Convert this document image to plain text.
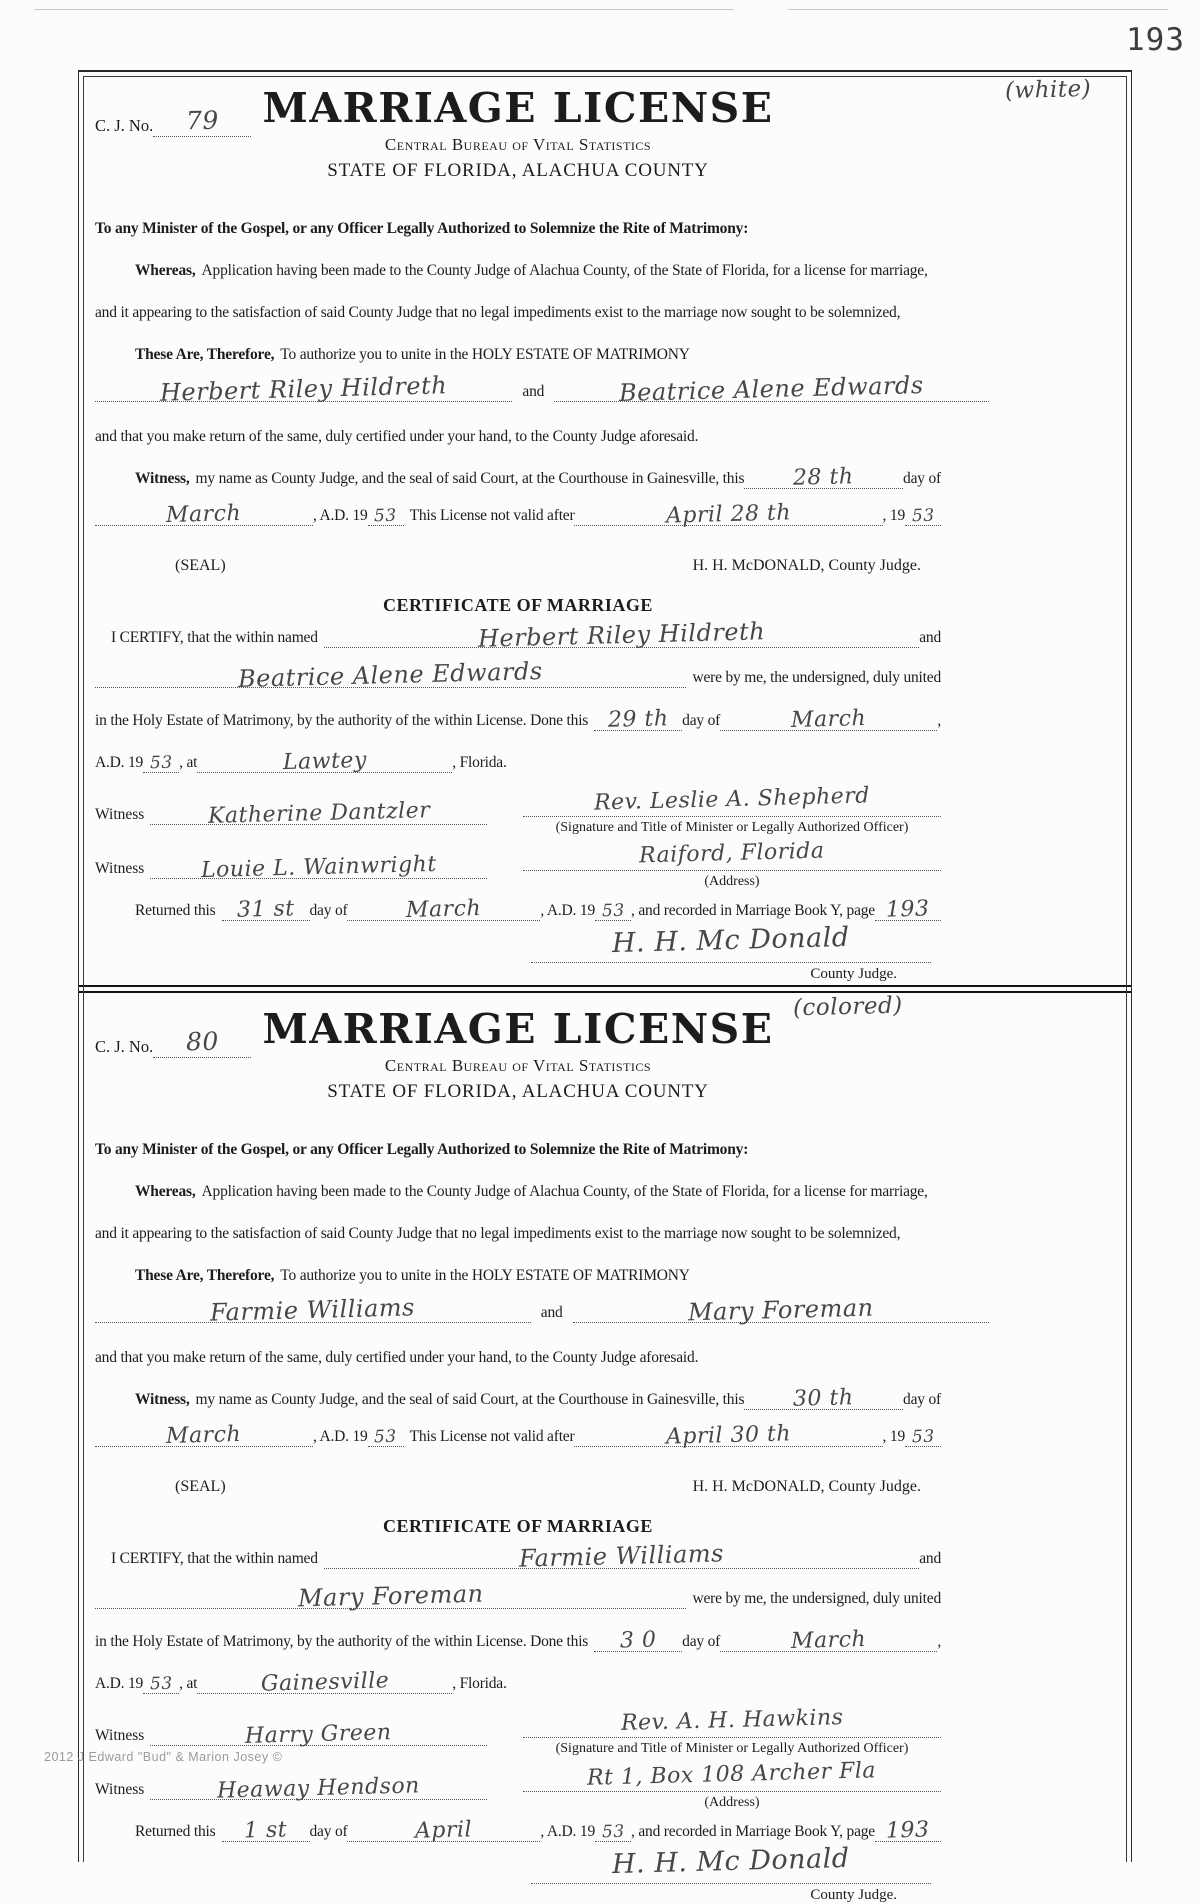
193
(white)
C. J. No.	79	MARRIAGE LICENSE
Central Bureau of Vital Statistics
STATE OF FLORIDA, ALACHUA COUNTY
To any Minister of the Gospel, or any Officer Legally Authorized to Solemnize the Rite of Matrimony:
Whereas, Application having been made to the County Judge of Alachua County, of the State of Florida, for a license for marriage,
and it appearing to the satisfaction of said County Judge that no legal impediments exist to the marriage now sought to be solemnized,
These Are, Therefore, To authorize you to unite in the HOLY ESTATE OF MATRIMONY
Herbert Riley Hildreth	and	Beatrice Alene Edwards
and that you make return of the same, duly certified under your hand, to the County Judge aforesaid.
Witness, my name as County Judge, and the seal of said Court, at the Courthouse in Gainesville, this	28 th	day of
March	, A.D. 19 53 This License not valid after	April 28 th	, 19 53
(SEAL)	H. H. McDONALD, County Judge.
CERTIFICATE OF MARRIAGE
I CERTIFY, that the within named	Herbert Riley Hildreth	and
Beatrice Alene Edwards	were by me, the undersigned, duly united
in the Holy Estate of Matrimony, by the authority of the within License. Done this 29 th day of	March	,
A.D. 19 53 , at	Lawtey	, Florida.
Witness	Katherine Dantzler	Rev. Leslie A. Shepherd
(Signature and Title of Minister or Legally Authorized Officer)
Witness	Louie L. Wainwright	Raiford, Florida
(Address)
Returned this 31 st day of	March	, A.D. 19 53 , and recorded in Marriage Book Y, page 193
H. H. Mc Donald
County Judge.
(colored)
C. J. No.	80	MARRIAGE LICENSE
Central Bureau of Vital Statistics
STATE OF FLORIDA, ALACHUA COUNTY
To any Minister of the Gospel, or any Officer Legally Authorized to Solemnize the Rite of Matrimony:
Whereas, Application having been made to the County Judge of Alachua County, of the State of Florida, for a license for marriage,
and it appearing to the satisfaction of said County Judge that no legal impediments exist to the marriage now sought to be solemnized,
These Are, Therefore, To authorize you to unite in the HOLY ESTATE OF MATRIMONY
Farmie Williams	and	Mary Foreman
and that you make return of the same, duly certified under your hand, to the County Judge aforesaid.
Witness, my name as County Judge, and the seal of said Court, at the Courthouse in Gainesville, this	30 th	day of
March	, A.D. 19 53 This License not valid after	April 30 th	, 19 53
(SEAL)	H. H. McDONALD, County Judge.
CERTIFICATE OF MARRIAGE
I CERTIFY, that the within named	Farmie Williams	and
Mary Foreman	were by me, the undersigned, duly united
in the Holy Estate of Matrimony, by the authority of the within License. Done this	3 0	day of	March	,
A.D. 19 53 , at	Gainesville	, Florida.
Witness	Harry Green	Rev. A. H. Hawkins
(Signature and Title of Minister or Legally Authorized Officer)
Witness	Heaway Hendson	Rt 1, Box 108 Archer Fla
(Address)
Returned this	1 st	day of	April	, A.D. 19 53 , and recorded in Marriage Book Y, page 193
H. H. Mc Donald
County Judge.
2012 J Edward "Bud" & Marion Josey ©
